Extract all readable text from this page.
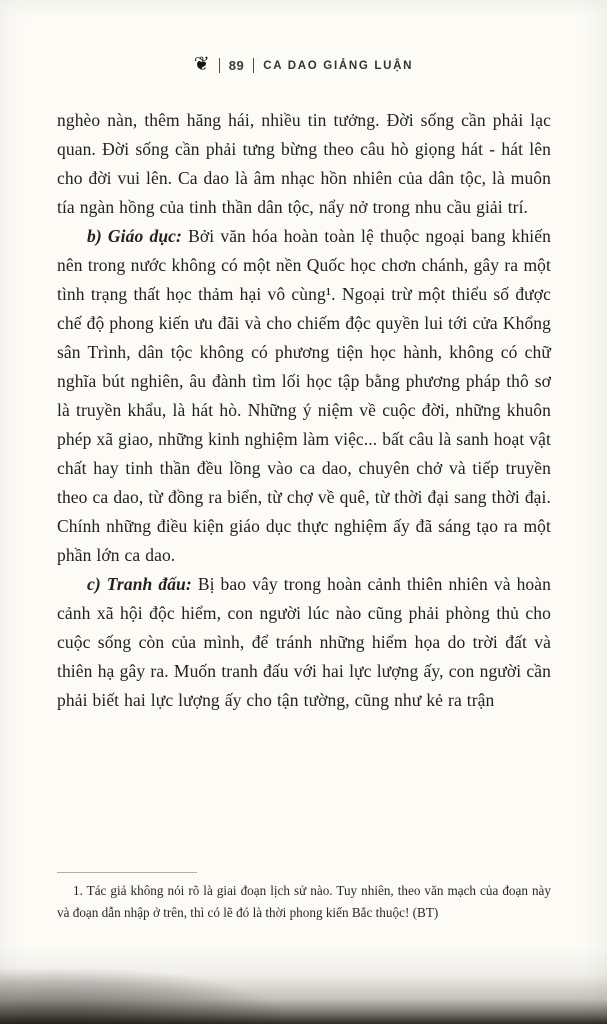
❦ 89 CA DAO GIẢNG LUẬN

nghèo nàn, thêm hăng hái, nhiều tin tưởng. Đời sống cần phải lạc quan. Đời sống cần phải tưng bừng theo câu hò giọng hát - hát lên cho đời vui lên. Ca dao là âm nhạc hồn nhiên của dân tộc, là muôn tía ngàn hồng của tinh thần dân tộc, nẩy nở trong nhu cầu giải trí.

b) Giáo dục: Bởi văn hóa hoàn toàn lệ thuộc ngoại bang khiến nên trong nước không có một nền Quốc học chơn chánh, gây ra một tình trạng thất học thảm hại vô cùng¹. Ngoại trừ một thiểu số được chế độ phong kiến ưu đãi và cho chiếm độc quyền lui tới cửa Khổng sân Trình, dân tộc không có phương tiện học hành, không có chữ nghĩa bút nghiên, âu đành tìm lối học tập bằng phương pháp thô sơ là truyền khẩu, là hát hò. Những ý niệm về cuộc đời, những khuôn phép xã giao, những kinh nghiệm làm việc... bất câu là sanh hoạt vật chất hay tinh thần đều lồng vào ca dao, chuyên chở và tiếp truyền theo ca dao, từ đồng ra biển, từ chợ về quê, từ thời đại sang thời đại. Chính những điều kiện giáo dục thực nghiệm ấy đã sáng tạo ra một phần lớn ca dao.

c) Tranh đấu: Bị bao vây trong hoàn cảnh thiên nhiên và hoàn cảnh xã hội độc hiểm, con người lúc nào cũng phải phòng thủ cho cuộc sống còn của mình, để tránh những hiểm họa do trời đất và thiên hạ gây ra. Muốn tranh đấu với hai lực lượng ấy, con người cần phải biết hai lực lượng ấy cho tận tường, cũng như kẻ ra trận

1. Tác giả không nói rõ là giai đoạn lịch sử nào. Tuy nhiên, theo văn mạch của đoạn này và đoạn dẫn nhập ở trên, thì có lẽ đó là thời phong kiến Bắc thuộc! (BT)
